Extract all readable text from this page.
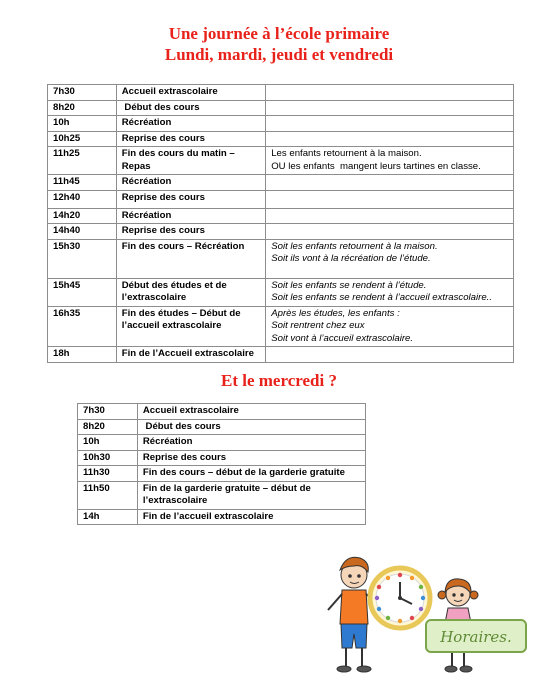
Une journée à l’école primaire
Lundi, mardi, jeudi et vendredi
7h30	Accueil extrascolaire	
8h20	Début des cours	
10h	Récréation	
10h25	Reprise des cours	
11h25	Fin des cours du matin – Repas	Les enfants retournent à la maison.
OU les enfants  mangent leurs tartines en classe.

11h45	Récréation	
12h40	Reprise des cours	
14h20	Récréation	
14h40	Reprise des cours	
15h30	Fin des cours – Récréation	Soit les enfants retournent à la maison.
Soit ils vont à la récréation de l’étude.

15h45	Début des études et de
l’extrascolaire	Soit les enfants se rendent à l’étude.
Soit les enfants se rendent à l’accueil extrascolaire..

16h35	Fin des études – Début de
l’accueil extrascolaire	Après les études, les enfants :
Soit rentrent chez eux
Soit vont à l’accueil extrascolaire.

18h	Fin de l’Accueil extrascolaire	
Et le mercredi ?
7h30	Accueil extrascolaire
8h20	Début des cours
10h	Récréation
10h30	Reprise des cours
11h30	Fin des cours – début de la garderie gratuite
11h50	Fin de la garderie gratuite – début de
l’extrascolaire

14h	Fin de l’accueil extrascolaire
Horaires.
